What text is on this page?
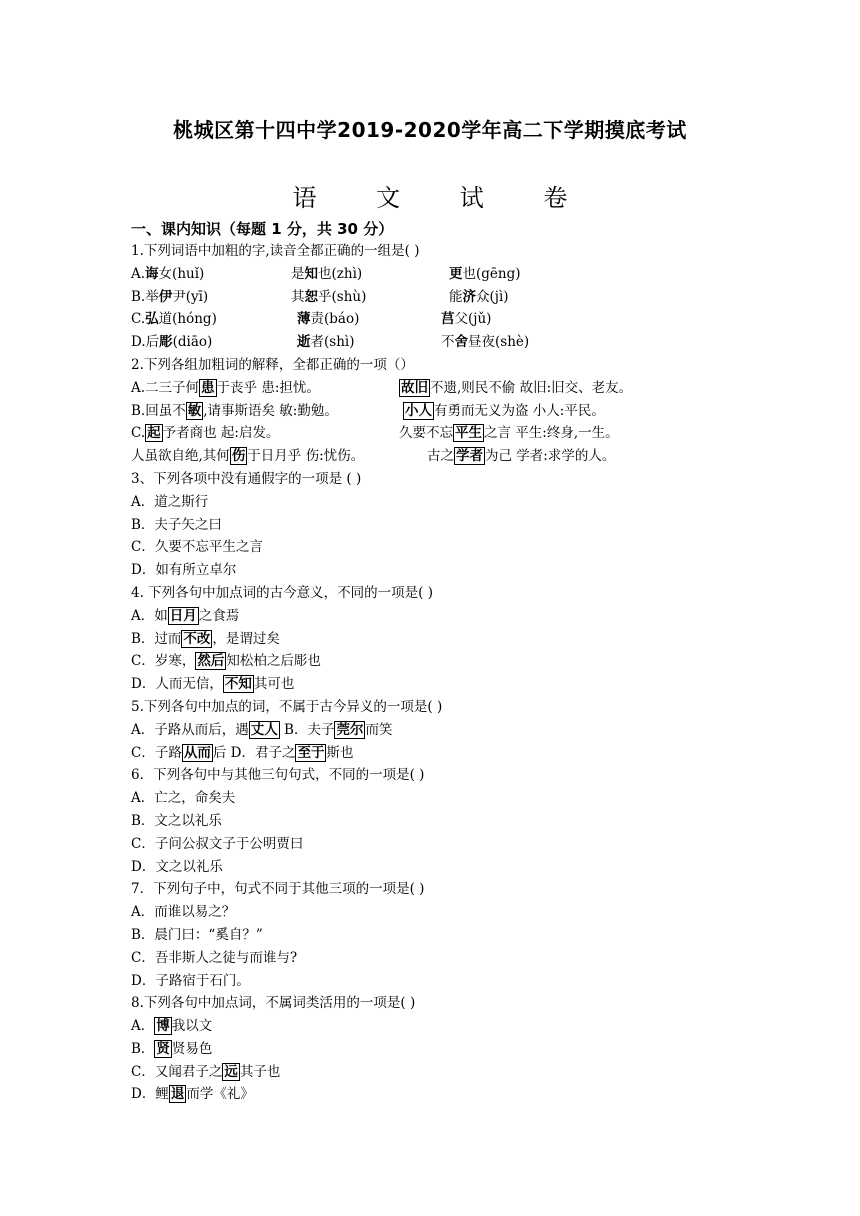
桃城区第十四中学2019-2020学年高二下学期摸底考试
语 文 试 卷
一、课内知识（每题 1 分，共 30 分）
1.下列词语中加粗的字,读音全都正确的一组是( )
A.诲女(huǐ)	是知也(zhì)	更也(gēng)
B.举伊尹(yī)	其恕乎(shù)	能济众(jì)
C.弘道(hóng)	薄责(báo)	莒父(jǔ)
D.后彫(diāo)	逝者(shì)	不舍昼夜(shè)
2.下列各组加粗词的解释，全都正确的一项（）
A.二三子何 患 于丧乎 患:担忧。	故旧 不遗,则民不偷 故旧:旧交、老友。
B.回虽不 敏 ,请事斯语矣 敏:勤勉。	小人 有勇而无义为盗 小人:平民。
C. 起 予者商也 起:启发。	久要不忘 平生 之言 平生:终身,一生。
人虽欲自绝,其何 伤 于日月乎 伤:忧伤。	古之 学者 为己 学者:求学的人。
3、下列各项中没有通假字的一项是 ( )
A．道之斯行
B．夫子矢之曰
C．久要不忘平生之言
D．如有所立卓尔
4. 下列各句中加点词的古今意义，不同的一项是( )
A．如 日月 之食焉
B．过而 不改 ，是谓过矣
C．岁寒， 然后 知松柏之后彫也
D．人而无信， 不知 其可也
5.下列各句中加点的词，不属于古今异义的一项是( )
A．子路从而后，遇 丈人 B．夫子 莞尔 而笑
C．子路 从而 后 D．君子之 至于 斯也
6．下列各句中与其他三句句式，不同的一项是( )
A．亡之，命矣夫
B．文之以礼乐
C．子问公叔文子于公明贾曰
D．文之以礼乐
7．下列句子中，句式不同于其他三项的一项是( )
A．而谁以易之？
B．晨门曰：“奚自？”
C．吾非斯人之徒与而谁与?
D．子路宿于石门。
8.下列各句中加点词，不属词类活用的一项是( )
A． 博 我以文
B． 贤 贤易色
C．又闻君子之 远 其子也
D．鲤 退 而学《礼》
